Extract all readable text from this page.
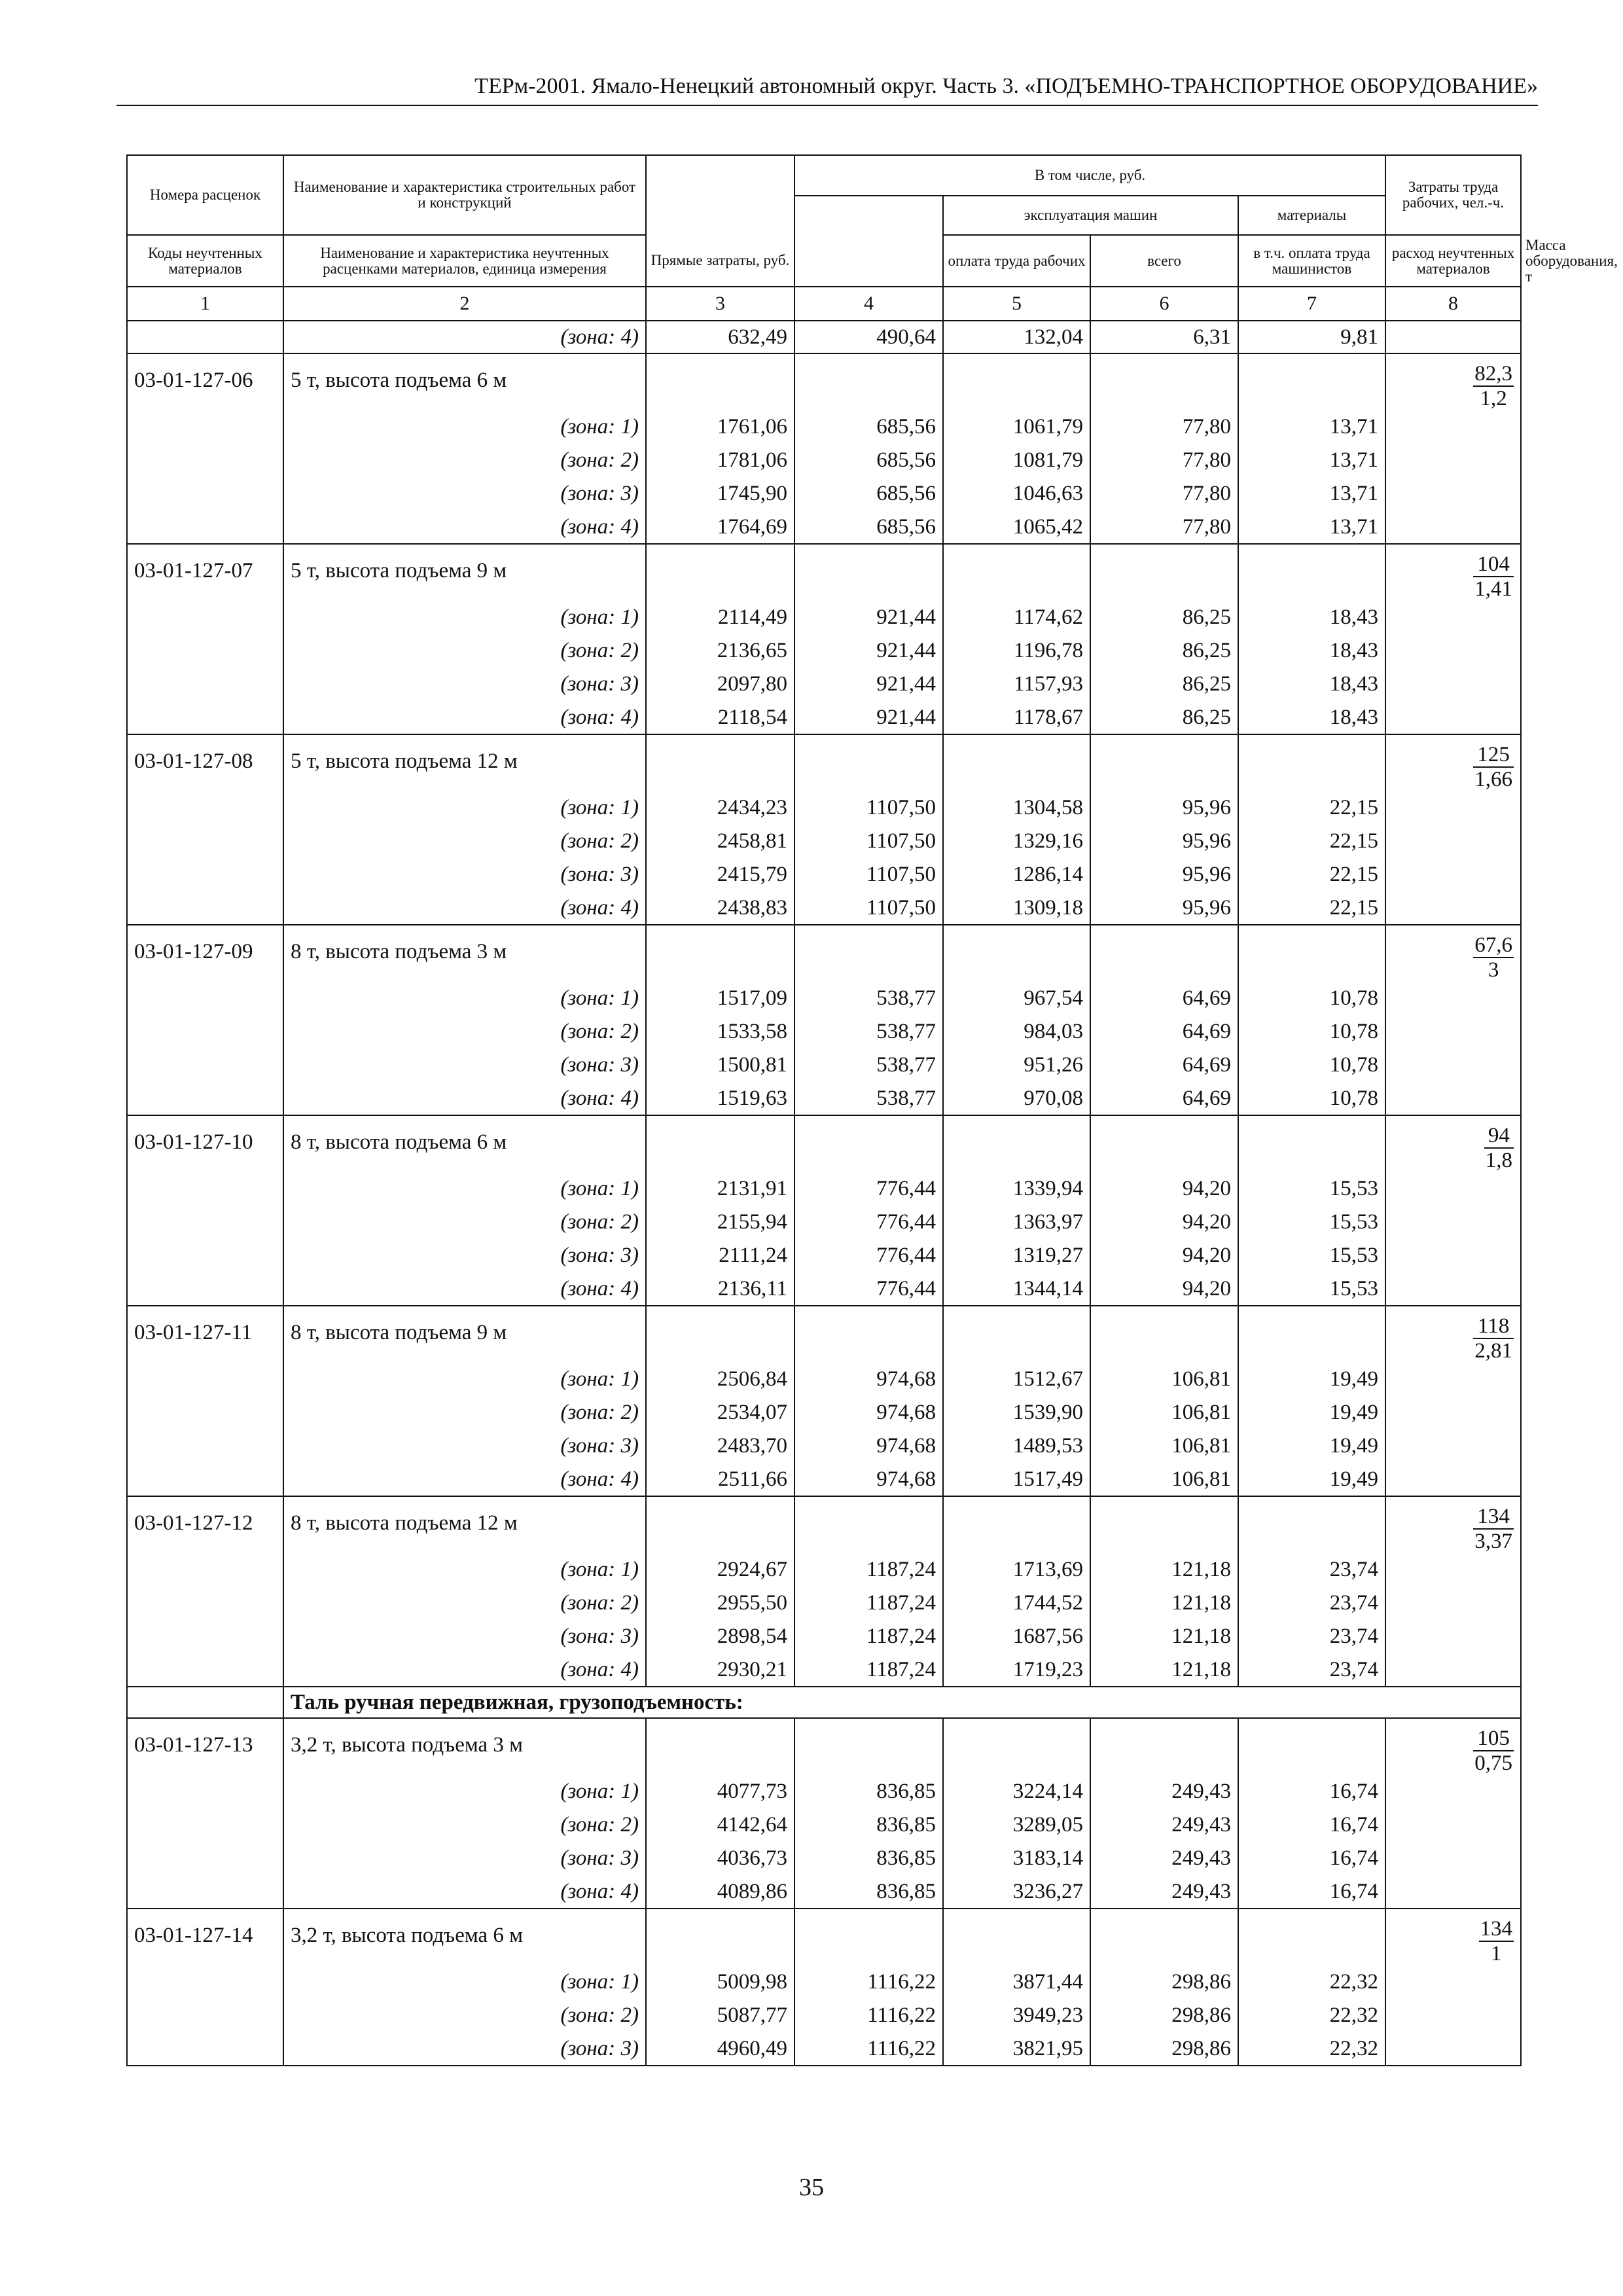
ТЕРм-2001. Ямало-Ненецкий автономный округ. Часть 3. «ПОДЪЕМНО-ТРАНСПОРТНОЕ ОБОРУДОВАНИЕ»
Номера расценок	Наименование и характеристика строительных работ и конструкций		В том числе, руб.				Затраты труда рабочих, чел.-ч.	
				эксплуатация машин		материалы		
Коды неучтенных материалов	Наименование и характеристика неучтенных расценками материалов, единица измерения	Прямые затраты, руб.		оплата труда рабочих	всего	в т.ч. оплата труда машинистов	расход неучтенных материалов	Масса оборудования, т
1	2	3	4	5	6	7	8	
	(зона: 4)	632,49	490,64	132,04	6,31	9,81		
03-01-127-06	5 т, высота подъема 6 м						$\frac{82,3}{1,2}$

	(зона: 1)	1761,06	685,56	1061,79	77,80	13,71		
	(зона: 2)	1781,06	685,56	1081,79	77,80	13,71		
	(зона: 3)	1745,90	685,56	1046,63	77,80	13,71		
	(зона: 4)	1764,69	685,56	1065,42	77,80	13,71		
03-01-127-07	5 т, высота подъема 9 м						$\frac{104}{1,41}$

	(зона: 1)	2114,49	921,44	1174,62	86,25	18,43		
	(зона: 2)	2136,65	921,44	1196,78	86,25	18,43		
	(зона: 3)	2097,80	921,44	1157,93	86,25	18,43		
	(зона: 4)	2118,54	921,44	1178,67	86,25	18,43		
03-01-127-08	5 т, высота подъема 12 м						$\frac{125}{1,66}$

	(зона: 1)	2434,23	1107,50	1304,58	95,96	22,15		
	(зона: 2)	2458,81	1107,50	1329,16	95,96	22,15		
	(зона: 3)	2415,79	1107,50	1286,14	95,96	22,15		
	(зона: 4)	2438,83	1107,50	1309,18	95,96	22,15		
03-01-127-09	8 т, высота подъема 3 м						$\frac{67,6}{3}$

	(зона: 1)	1517,09	538,77	967,54	64,69	10,78		
	(зона: 2)	1533,58	538,77	984,03	64,69	10,78		
	(зона: 3)	1500,81	538,77	951,26	64,69	10,78		
	(зона: 4)	1519,63	538,77	970,08	64,69	10,78		
03-01-127-10	8 т, высота подъема 6 м						$\frac{94}{1,8}$

	(зона: 1)	2131,91	776,44	1339,94	94,20	15,53		
	(зона: 2)	2155,94	776,44	1363,97	94,20	15,53		
	(зона: 3)	2111,24	776,44	1319,27	94,20	15,53		
	(зона: 4)	2136,11	776,44	1344,14	94,20	15,53		
03-01-127-11	8 т, высота подъема 9 м						$\frac{118}{2,81}$

	(зона: 1)	2506,84	974,68	1512,67	106,81	19,49		
	(зона: 2)	2534,07	974,68	1539,90	106,81	19,49		
	(зона: 3)	2483,70	974,68	1489,53	106,81	19,49		
	(зона: 4)	2511,66	974,68	1517,49	106,81	19,49		
03-01-127-12	8 т, высота подъема 12 м						$\frac{134}{3,37}$

	(зона: 1)	2924,67	1187,24	1713,69	121,18	23,74		
	(зона: 2)	2955,50	1187,24	1744,52	121,18	23,74		
	(зона: 3)	2898,54	1187,24	1687,56	121,18	23,74		
	(зона: 4)	2930,21	1187,24	1719,23	121,18	23,74		
	Таль ручная передвижная, грузоподъемность:							
03-01-127-13	3,2 т, высота подъема 3 м						$\frac{105}{0,75}$

	(зона: 1)	4077,73	836,85	3224,14	249,43	16,74		
	(зона: 2)	4142,64	836,85	3289,05	249,43	16,74		
	(зона: 3)	4036,73	836,85	3183,14	249,43	16,74		
	(зона: 4)	4089,86	836,85	3236,27	249,43	16,74		
03-01-127-14	3,2 т, высота подъема 6 м						$\frac{134}{1}$

	(зона: 1)	5009,98	1116,22	3871,44	298,86	22,32		
	(зона: 2)	5087,77	1116,22	3949,23	298,86	22,32		
	(зона: 3)	4960,49	1116,22	3821,95	298,86	22,32		
35
